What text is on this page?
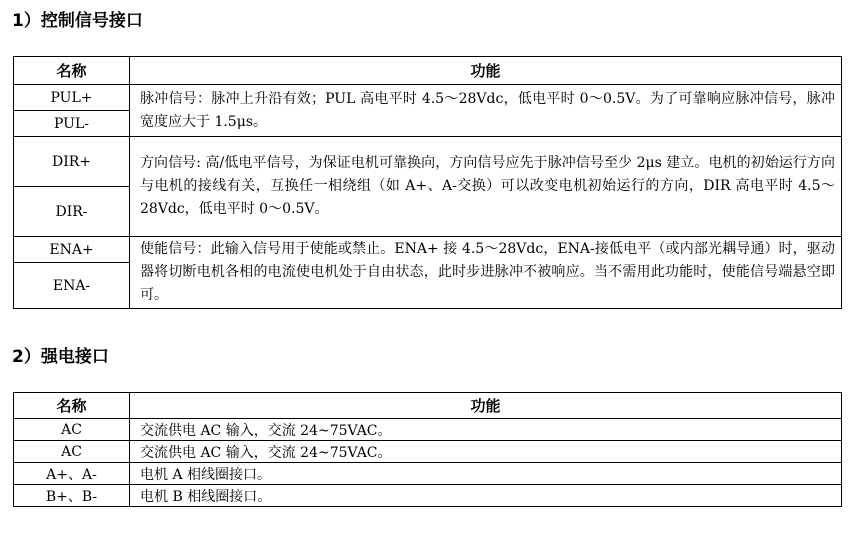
1）控制信号接口
名称	功能
PUL+	脉冲信号：脉冲上升沿有效；PUL 高电平时 4.5～28Vdc，低电平时 0～0.5V。为了可靠响应脉冲信号，脉冲宽度应大于 1.5μs。
PUL-	
DIR+	方向信号: 高/低电平信号，为保证电机可靠换向，方向信号应先于脉冲信号至少 2μs 建立。电机的初始运行方向与电机的接线有关，互换任一相绕组（如 A+、A-交换）可以改变电机初始运行的方向，DIR 高电平时 4.5～28Vdc，低电平时 0～0.5V。
DIR-	
ENA+	使能信号：此输入信号用于使能或禁止。ENA+ 接 4.5～28Vdc，ENA-接低电平（或内部光耦导通）时，驱动器将切断电机各相的电流使电机处于自由状态，此时步进脉冲不被响应。当不需用此功能时，使能信号端悬空即可。
ENA-	
2）强电接口
名称	功能
AC	交流供电 AC 输入，交流 24~75VAC。
AC	交流供电 AC 输入，交流 24~75VAC。
A+、A-	电机 A 相线圈接口。
B+、B-	电机 B 相线圈接口。
